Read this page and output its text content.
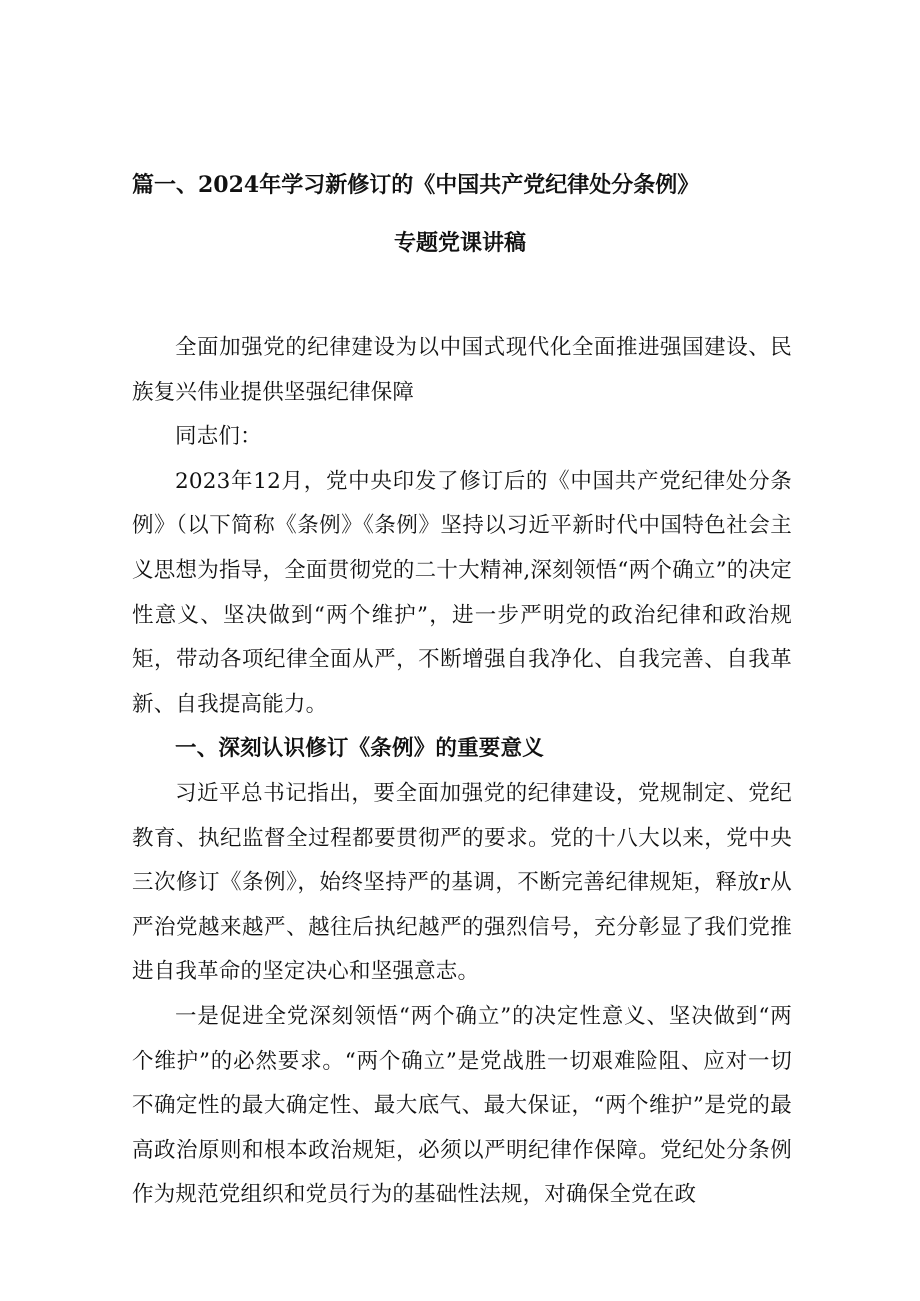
篇一、2024年学习新修订的《中国共产党纪律处分条例》
专题党课讲稿

全面加强党的纪律建设为以中国式现代化全面推进强国建设、民族复兴伟业提供坚强纪律保障

同志们：

2023年12月，党中央印发了修订后的《中国共产党纪律处分条例》（以下简称《条例》《条例》坚持以习近平新时代中国特色社会主义思想为指导，全面贯彻党的二十大精神,深刻领悟“两个确立”的决定性意义、坚决做到“两个维护”，进一步严明党的政治纪律和政治规矩，带动各项纪律全面从严，不断增强自我净化、自我完善、自我革新、自我提高能力。

一、深刻认识修订《条例》的重要意义

习近平总书记指出，要全面加强党的纪律建设，党规制定、党纪教育、执纪监督全过程都要贯彻严的要求。党的十八大以来，党中央三次修订《条例》，始终坚持严的基调，不断完善纪律规矩，释放r从严治党越来越严、越往后执纪越严的强烈信号，充分彰显了我们党推进自我革命的坚定决心和坚强意志。

一是促进全党深刻领悟“两个确立”的决定性意义、坚决做到“两个维护”的必然要求。“两个确立”是党战胜一切艰难险阻、应对一切不确定性的最大确定性、最大底气、最大保证，“两个维护”是党的最高政治原则和根本政治规矩，必须以严明纪律作保障。党纪处分条例作为规范党组织和党员行为的基础性法规，对确保全党在政
